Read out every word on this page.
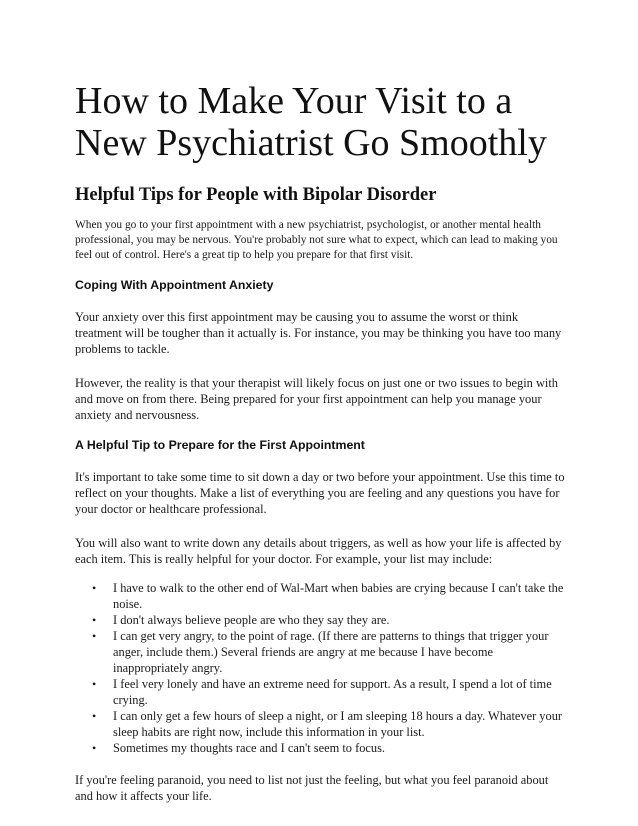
How to Make Your Visit to a New Psychiatrist Go Smoothly
Helpful Tips for People with Bipolar Disorder
When you go to your first appointment with a new psychiatrist, psychologist, or another mental health professional, you may be nervous. You're probably not sure what to expect, which can lead to making you feel out of control. Here's a great tip to help you prepare for that first visit.
Coping With Appointment Anxiety

Your anxiety over this first appointment may be causing you to assume the worst or think treatment will be tougher than it actually is. For instance, you may be thinking you have too many problems to tackle.

However, the reality is that your therapist will likely focus on just one or two issues to begin with and move on from there. Being prepared for your first appointment can help you manage your anxiety and nervousness.

A Helpful Tip to Prepare for the First Appointment

It's important to take some time to sit down a day or two before your appointment. Use this time to reflect on your thoughts. Make a list of everything you are feeling and any questions you have for your doctor or healthcare professional.

You will also want to write down any details about triggers, as well as how your life is affected by each item. This is really helpful for your doctor. For example, your list may include:

• I have to walk to the other end of Wal-Mart when babies are crying because I can't take the noise.
• I don't always believe people are who they say they are.
• I can get very angry, to the point of rage. (If there are patterns to things that trigger your anger, include them.) Several friends are angry at me because I have become inappropriately angry.
• I feel very lonely and have an extreme need for support. As a result, I spend a lot of time crying.
• I can only get a few hours of sleep a night, or I am sleeping 18 hours a day. Whatever your sleep habits are right now, include this information in your list.
• Sometimes my thoughts race and I can't seem to focus.

If you're feeling paranoid, you need to list not just the feeling, but what you feel paranoid about and how it affects your life.
